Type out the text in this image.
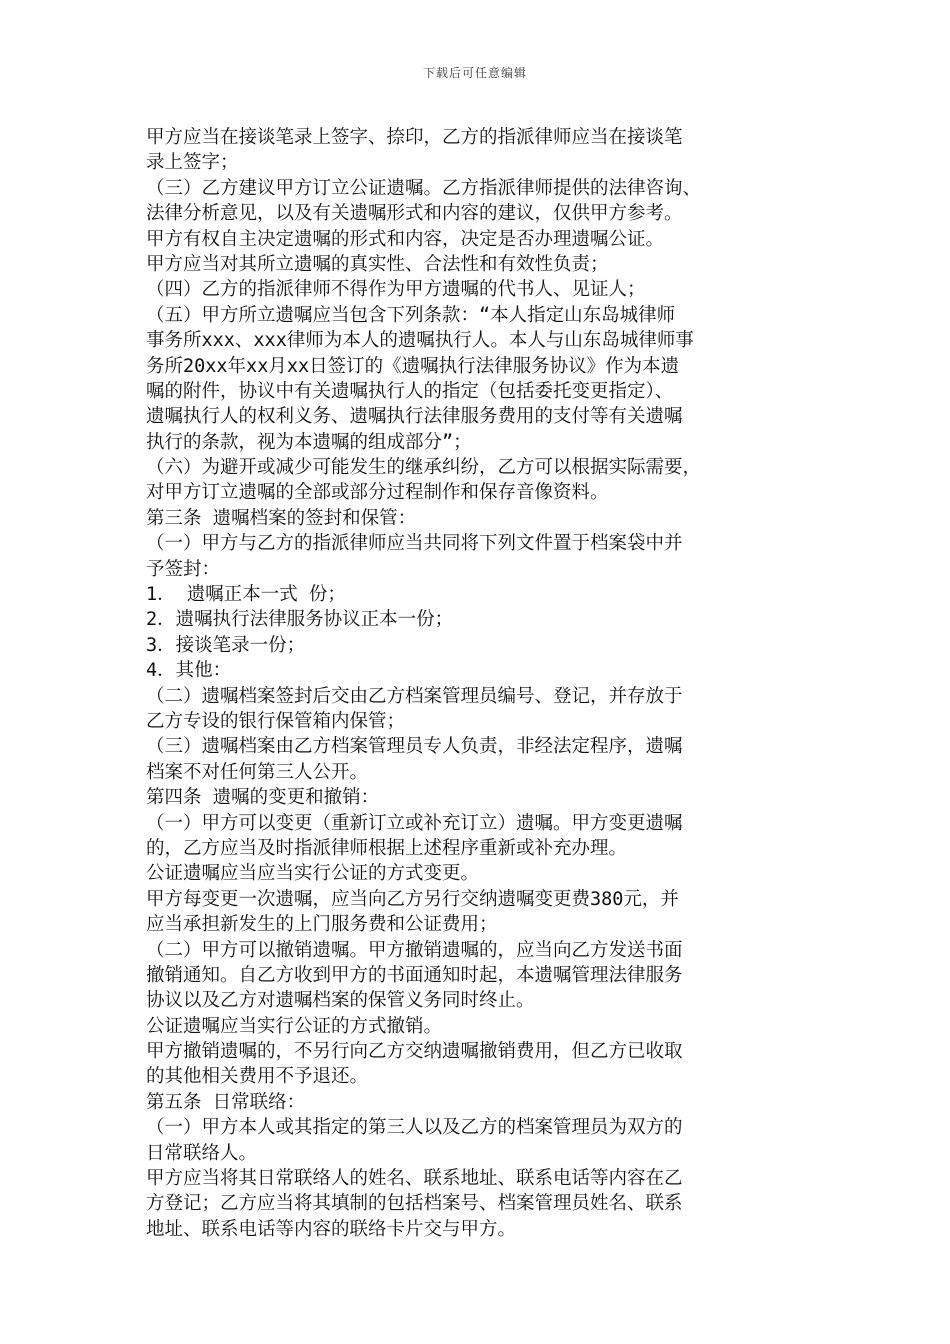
下载后可任意编辑
甲方应当在接谈笔录上签字、捺印，乙方的指派律师应当在接谈笔
录上签字；
（三）乙方建议甲方订立公证遗嘱。乙方指派律师提供的法律咨询、
法律分析意见，以及有关遗嘱形式和内容的建议，仅供甲方参考。
甲方有权自主决定遗嘱的形式和内容，决定是否办理遗嘱公证。
甲方应当对其所立遗嘱的真实性、合法性和有效性负责；
（四）乙方的指派律师不得作为甲方遗嘱的代书人、见证人；
（五）甲方所立遗嘱应当包含下列条款：“本人指定山东岛城律师
事务所xxx、xxx律师为本人的遗嘱执行人。本人与山东岛城律师事
务所20xx年xx月xx日签订的《遗嘱执行法律服务协议》作为本遗
嘱的附件，协议中有关遗嘱执行人的指定（包括委托变更指定）、
遗嘱执行人的权利义务、遗嘱执行法律服务费用的支付等有关遗嘱
执行的条款，视为本遗嘱的组成部分”；
（六）为避开或减少可能发生的继承纠纷，乙方可以根据实际需要，
对甲方订立遗嘱的全部或部分过程制作和保存音像资料。
第三条 遗嘱档案的签封和保管：
（一）甲方与乙方的指派律师应当共同将下列文件置于档案袋中并
予签封：
1． 遗嘱正本一式 份；
2．遗嘱执行法律服务协议正本一份；
3．接谈笔录一份；
4．其他：
（二）遗嘱档案签封后交由乙方档案管理员编号、登记，并存放于
乙方专设的银行保管箱内保管；
（三）遗嘱档案由乙方档案管理员专人负责，非经法定程序，遗嘱
档案不对任何第三人公开。
第四条 遗嘱的变更和撤销：
（一）甲方可以变更（重新订立或补充订立）遗嘱。甲方变更遗嘱
的，乙方应当及时指派律师根据上述程序重新或补充办理。
公证遗嘱应当应当实行公证的方式变更。
甲方每变更一次遗嘱，应当向乙方另行交纳遗嘱变更费380元，并
应当承担新发生的上门服务费和公证费用；
（二）甲方可以撤销遗嘱。甲方撤销遗嘱的，应当向乙方发送书面
撤销通知。自乙方收到甲方的书面通知时起，本遗嘱管理法律服务
协议以及乙方对遗嘱档案的保管义务同时终止。
公证遗嘱应当实行公证的方式撤销。
甲方撤销遗嘱的，不另行向乙方交纳遗嘱撤销费用，但乙方已收取
的其他相关费用不予退还。
第五条 日常联络：
（一）甲方本人或其指定的第三人以及乙方的档案管理员为双方的
日常联络人。
甲方应当将其日常联络人的姓名、联系地址、联系电话等内容在乙
方登记；乙方应当将其填制的包括档案号、档案管理员姓名、联系
地址、联系电话等内容的联络卡片交与甲方。
